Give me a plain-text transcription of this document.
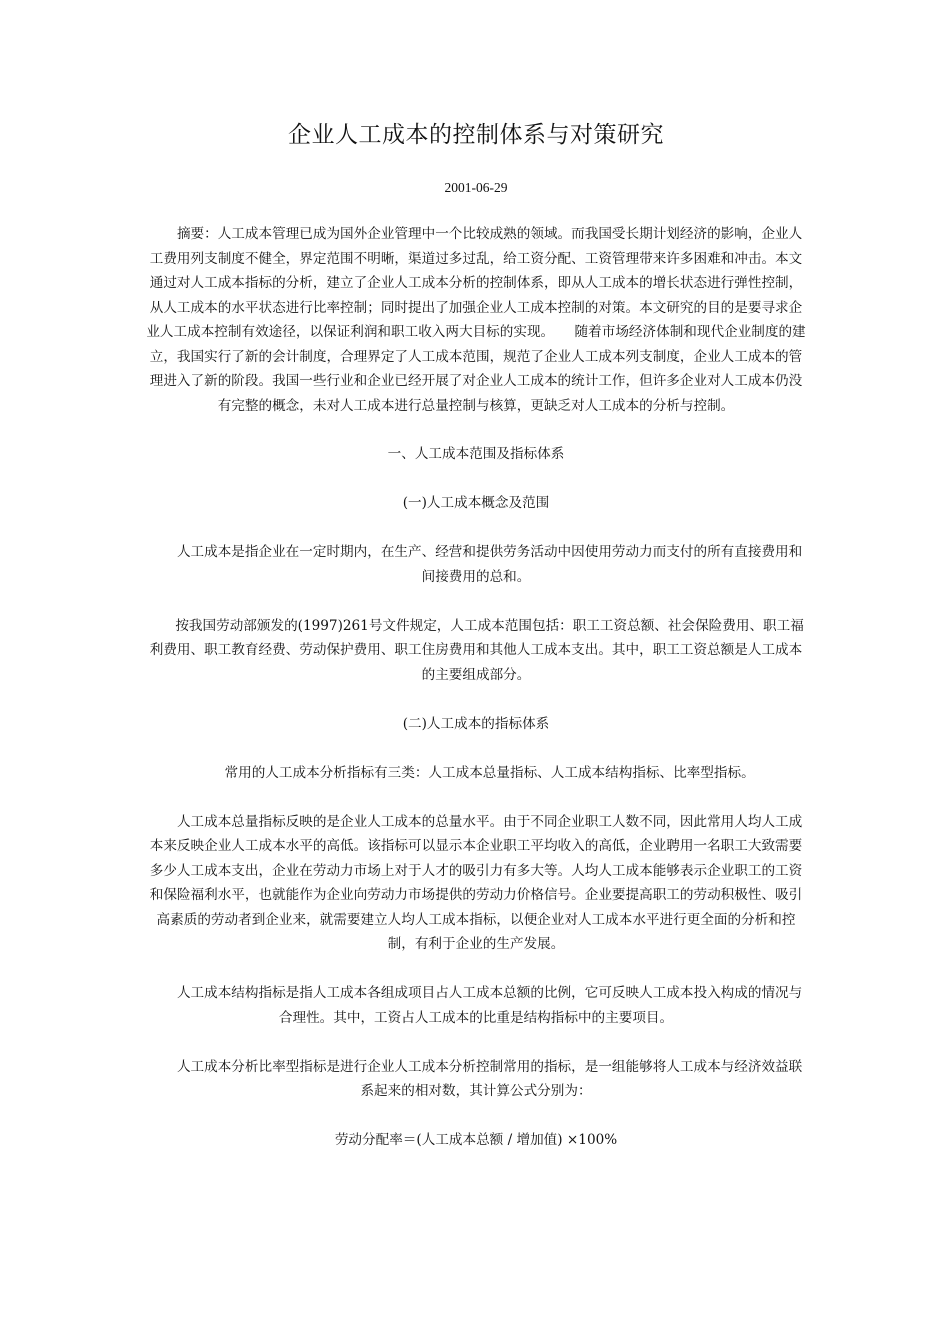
企业人工成本的控制体系与对策研究
2001-06-29

摘要：人工成本管理已成为国外企业管理中一个比较成熟的领域。而我国受长期计划经济的影响，企业人工费用列支制度不健全，界定范围不明晰，渠道过多过乱，给工资分配、工资管理带来许多困难和冲击。本文通过对人工成本指标的分析，建立了企业人工成本分析的控制体系，即从人工成本的增长状态进行弹性控制，从人工成本的水平状态进行比率控制；同时提出了加强企业人工成本控制的对策。本文研究的目的是要寻求企业人工成本控制有效途径，以保证利润和职工收入两大目标的实现。　　随着市场经济体制和现代企业制度的建立，我国实行了新的会计制度，合理界定了人工成本范围，规范了企业人工成本列支制度，企业人工成本的管理进入了新的阶段。我国一些行业和企业已经开展了对企业人工成本的统计工作，但许多企业对人工成本仍没有完整的概念，未对人工成本进行总量控制与核算，更缺乏对人工成本的分析与控制。

一、人工成本范围及指标体系

(一)人工成本概念及范围

人工成本是指企业在一定时期内，在生产、经营和提供劳务活动中因使用劳动力而支付的所有直接费用和间接费用的总和。

按我国劳动部颁发的(1997)261号文件规定，人工成本范围包括：职工工资总额、社会保险费用、职工福利费用、职工教育经费、劳动保护费用、职工住房费用和其他人工成本支出。其中，职工工资总额是人工成本的主要组成部分。

(二)人工成本的指标体系

常用的人工成本分析指标有三类：人工成本总量指标、人工成本结构指标、比率型指标。

人工成本总量指标反映的是企业人工成本的总量水平。由于不同企业职工人数不同，因此常用人均人工成本来反映企业人工成本水平的高低。该指标可以显示本企业职工平均收入的高低，企业聘用一名职工大致需要多少人工成本支出，企业在劳动力市场上对于人才的吸引力有多大等。人均人工成本能够表示企业职工的工资和保险福利水平，也就能作为企业向劳动力市场提供的劳动力价格信号。企业要提高职工的劳动积极性、吸引高素质的劳动者到企业来，就需要建立人均人工成本指标，以便企业对人工成本水平进行更全面的分析和控制，有利于企业的生产发展。

人工成本结构指标是指人工成本各组成项目占人工成本总额的比例，它可反映人工成本投入构成的情况与合理性。其中，工资占人工成本的比重是结构指标中的主要项目。

人工成本分析比率型指标是进行企业人工成本分析控制常用的指标，是一组能够将人工成本与经济效益联系起来的相对数，其计算公式分别为：

劳动分配率＝(人工成本总额 / 增加值) ×100%
